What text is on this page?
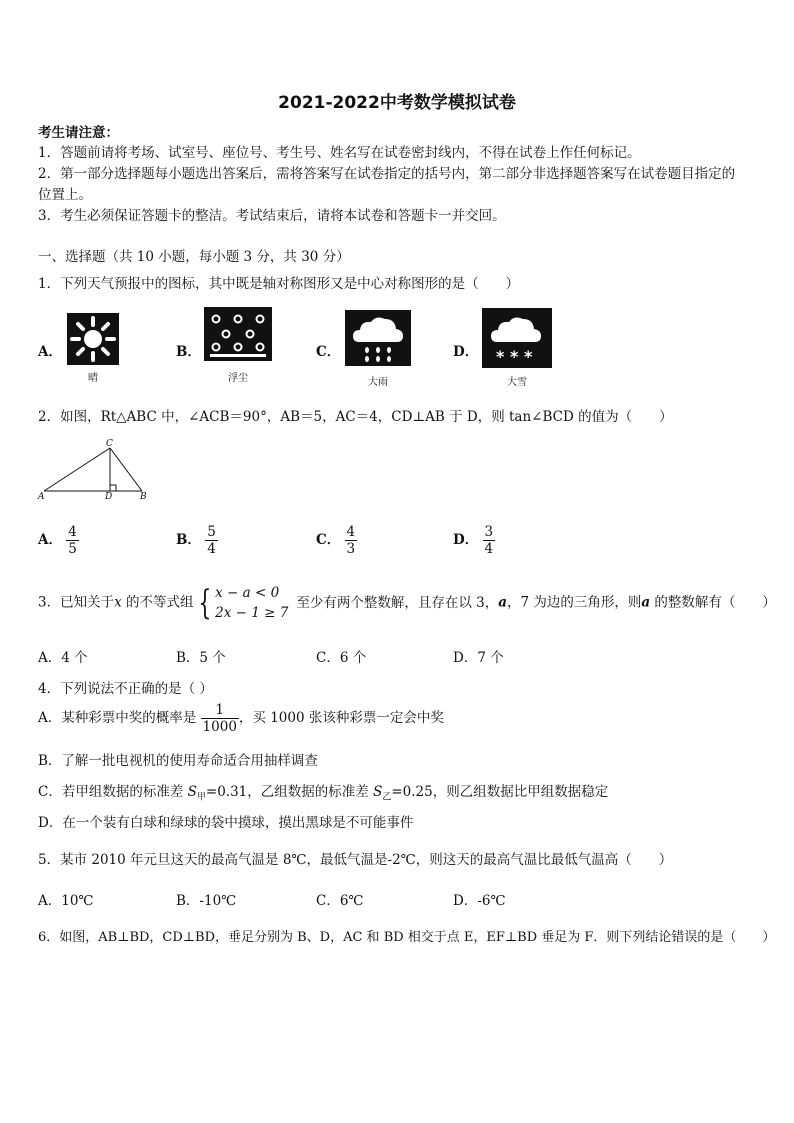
2021-2022中考数学模拟试卷
考生请注意：
1．答题前请将考场、试室号、座位号、考生号、姓名写在试卷密封线内，不得在试卷上作任何标记。
2．第一部分选择题每小题选出答案后，需将答案写在试卷指定的括号内，第二部分非选择题答案写在试卷题目指定的
位置上。
3．考生必须保证答题卡的整洁。考试结束后，请将本试卷和答题卡一并交回。
一、选择题（共 10 小题，每小题 3 分，共 30 分）
1．下列天气预报中的图标，其中既是轴对称图形又是中心对称图形的是（　　）
A．
晴
B．
浮尘
C．
大雨
D． * * *
大雪
2．如图，Rt△ABC 中，∠ACB＝90°，AB＝5，AC＝4，CD⊥AB 于 D，则 tan∠BCD 的值为（　　）
A
C
D	B
A． $\frac{4}{5}$	B． $\frac{5}{4}$	C． $\frac{4}{3}$	D． $\frac{3}{4}$
3．已知关于x 的不等式组 { x − a < 0
2x − 1 ≥ 7
至少有两个整数解，且存在以 3，a，7 为边的三角形，则a 的整数解有（　　）
A．4 个	B．5 个	C．6 个	D．7 个
4．下列说法不正确的是（ ）
A．某种彩票中奖的概率是 $\frac{1}{1000}$ ，买 1000 张该种彩票一定会中奖
B．了解一批电视机的使用寿命适合用抽样调查
C．若甲组数据的标准差 $S_甲=0.31$，乙组数据的标准差 $S_乙=0.25$，则乙组数据比甲组数据稳定
D．在一个装有白球和绿球的袋中摸球，摸出黑球是不可能事件
5．某市 2010 年元旦这天的最高气温是 8℃，最低气温是-2℃，则这天的最高气温比最低气温高（　　）
A．10℃	B．-10℃	C．6℃	D．-6℃
6．如图，AB⊥BD，CD⊥BD，垂足分别为 B、D，AC 和 BD 相交于点 E，EF⊥BD 垂足为 F．则下列结论错误的是（　　）
